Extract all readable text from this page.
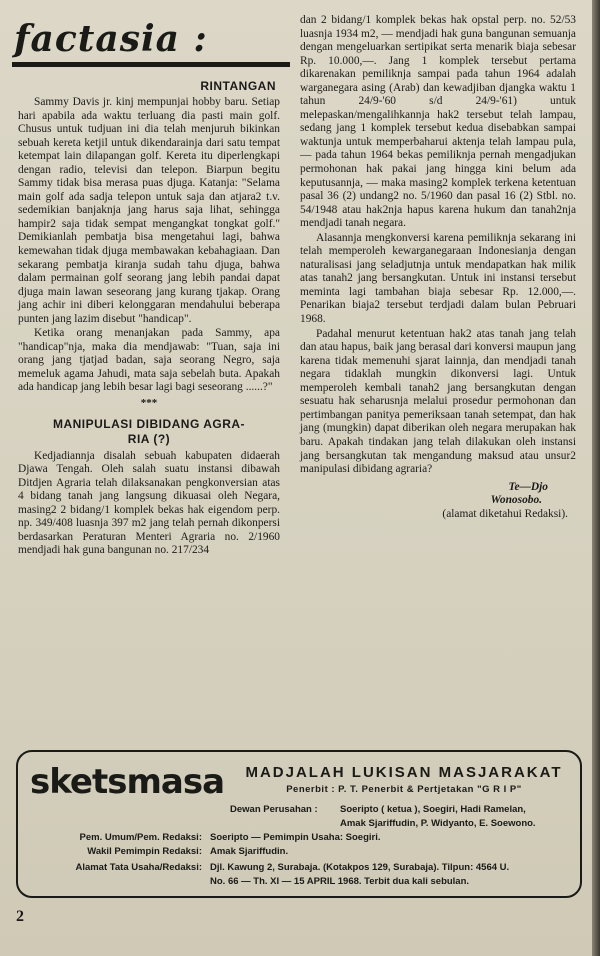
factasia :
RINTANGAN

Sammy Davis jr. kinj mempunjai hobby baru. Setiap hari apabila ada waktu terluang dia pasti main golf. Chusus untuk tudjuan ini dia telah menjuruh bikinkan sebuah kereta ketjil untuk dikendarainja dari satu tempat ketempat lain dilapangan golf. Kereta itu diperlengkapi dengan radio, televisi dan telepon. Biarpun begitu Sammy tidak bisa merasa puas djuga. Katanja: "Selama main golf ada sadja telepon untuk saja dan atjara2 t.v. sedemikian banjaknja jang harus saja lihat, sehingga hampir2 saja tidak sempat mengangkat tongkat golf." Demikianlah pembatja bisa mengetahui lagi, bahwa kemewahan tidak djuga membawakan kebahagiaan. Dan sekarang pembatja kiranja sudah tahu djuga, bahwa dalam permainan golf seorang jang lebih pandai dapat djuga main lawan seseorang jang kurang tjakap. Orang jang achir ini diberi kelonggaran mendahului beberapa punten jang lazim disebut "handicap".

Ketika orang menanjakan pada Sammy, apa "handicap"nja, maka dia mendjawab: "Tuan, saja ini orang jang tjatjad badan, saja seorang Negro, saja memeluk agama Jahudi, mata saja sebelah buta. Apakah ada handicap jang lebih besar lagi bagi seseorang ......?"

***
MANIPULASI DIBIDANG AGRA-
RIA (?)

Kedjadiannja disalah sebuah kabupaten didaerah Djawa Tengah. Oleh salah suatu instansi dibawah Ditdjen Agraria telah dilaksanakan pengkonversian atas 4 bidang tanah jang langsung dikuasai oleh Negara, masing2 2 bidang/1 komplek bekas hak eigendom perp. np. 349/408 luasnja 397 m2 jang telah pernah dikonpersi berdasarkan Peraturan Menteri Agraria no. 2/1960 mendjadi hak guna bangunan no. 217/234

dan 2 bidang/1 komplek bekas hak opstal perp. no. 52/53 luasnja 1934 m2, — mendjadi hak guna bangunan semuanja dengan mengeluarkan sertipikat serta menarik biaja sebesar Rp. 10.000,—. Jang 1 komplek tersebut pertama dikarenakan pemiliknja sampai pada tahun 1964 adalah warganegara asing (Arab) dan kewadjiban djangka waktu 1 tahun 24/9-'60 s/d 24/9-'61) untuk melepaskan/mengalihkannja hak2 tersebut telah lampau, sedang jang 1 komplek tersebut kedua disebabkan sampai waktunja untuk memperbaharui aktenja telah lampau pula, — pada tahun 1964 bekas pemiliknja pernah mengadjukan permohonan hak pakai jang hingga kini belum ada keputusannja, — maka masing2 komplek terkena ketentuan pasal 36 (2) undang2 no. 5/1960 dan pasal 16 (2) Stbl. no. 54/1948 atau hak2nja hapus karena hukum dan tanah2nja mendjadi tanah negara.

Alasannja mengkonversi karena pemiliknja sekarang ini telah memperoleh kewarganegaraan Indonesianja dengan naturalisasi jang seladjutnja untuk mendapatkan hak milik atas tanah2 jang bersangkutan. Untuk ini instansi tersebut meminta lagi tambahan biaja sebesar Rp. 12.000,—. Penarikan biaja2 tersebut terdjadi dalam bulan Pebruari 1968.

Padahal menurut ketentuan hak2 atas tanah jang telah dan atau hapus, baik jang berasal dari konversi maupun jang karena tidak memenuhi sjarat lainnja, dan mendjadi tanah negara tidaklah mungkin dikonversi lagi. Untuk memperoleh kembali tanah2 jang bersangkutan dengan sesuatu hak seharusnja melalui prosedur permohonan dan pertimbangan panitya pemeriksaan tanah setempat, dan hak jang (mungkin) dapat diberikan oleh negara merupakan hak baru. Apakah tindakan jang telah dilakukan oleh instansi jang bersangkutan tak mengandung maksud atau unsur2 manipulasi dibidang agraria?

Te—Djo
Wonosobo.
(alamat diketahui Redaksi).
sketsmasa MADJALAH LUKISAN MASJARAKAT
Penerbit : P. T. Penerbit & Pertjetakan "G R I P"
Dewan Perusahan : Soeripto ( ketua ), Soegiri, Hadi Ramelan,
Amak Sjariffudin, P. Widyanto, E. Soewono.
Pem. Umum/Pem. Redaksi: Soeripto — Pemimpin Usaha: Soegiri.
Wakil Pemimpin Redaksi: Amak Sjariffudin.
Alamat Tata Usaha/Redaksi: Djl. Kawung 2, Surabaja. (Kotakpos 129, Surabaja). Tilpun: 4564 U.
No. 66 — Th. XI — 15 APRIL 1968. Terbit dua kali sebulan.
2
